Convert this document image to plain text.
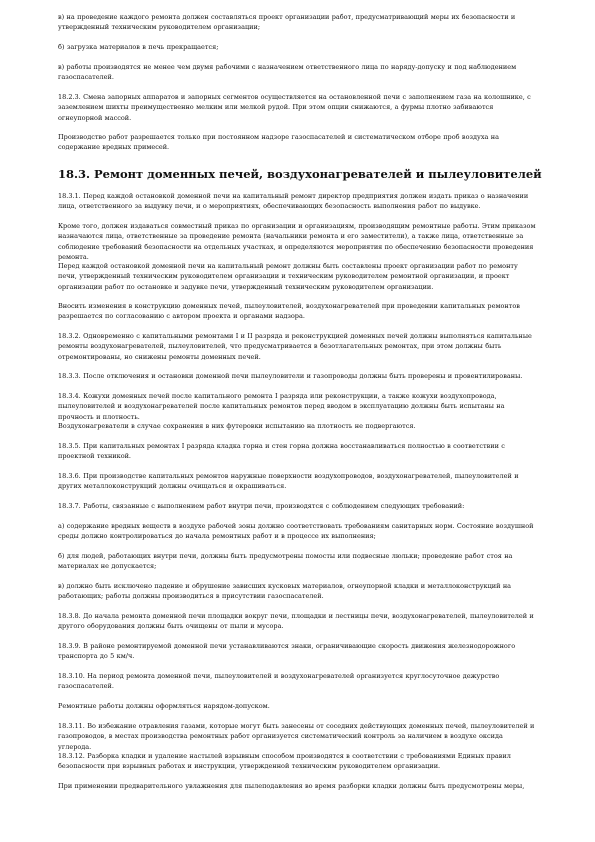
в) на проведение каждого ремонта должен составляться проект организации работ, предусматривающий меры их безопасности и утвержденный техническим руководителем организации;

б) загрузка материалов в печь прекращается;

в) работы производятся не менее чем двумя рабочими с назначением ответственного лица по наряду-допуску и под наблюдением газоспасателей.

18.2.3. Смена запорных аппаратов и запорных сегментов осуществляется на остановленной печи с заполнением газа на колошнике, с заземлением шихты преимущественно мелким или мелкой рудой. При этом опции снижаются, а фурмы плотно забиваются огнеупорной массой.

Производство работ разрешается только при постоянном надзоре газоспасателей и систематическом отборе проб воздуха на содержание вредных примесей.

18.3. Ремонт доменных печей, воздухонагревателей и пылеуловителей

18.3.1. Перед каждой остановкой доменной печи на капитальный ремонт директор предприятия должен издать приказ о назначении лица, ответственного за выдувку печи, и о мероприятиях, обеспечивающих безопасность выполнения работ по выдувке.

Кроме того, должен издаваться совместный приказ по организации и организациям, производящим ремонтные работы. Этим приказом назначаются лица, ответственные за проведение ремонта (начальники ремонта и его заместители), а также лица, ответственные за соблюдение требований безопасности на отдельных участках, и определяются мероприятия по обеспечению безопасности проведения ремонта.

Перед каждой остановкой доменной печи на капитальный ремонт должны быть составлены проект организации работ по ремонту печи, утвержденный техническим руководителем организации и техническим руководителем ремонтной организации, и проект организации работ по остановке и задувке печи, утвержденный техническим руководителем организации.

Вносить изменения в конструкцию доменных печей, пылеуловителей, воздухонагревателей при проведении капитальных ремонтов разрешается по согласованию с автором проекта и органами надзора.

18.3.2. Одновременно с капитальными ремонтами I и II разряда и реконструкцией доменных печей должны выполняться капитальные ремонты воздухонагревателей, пылеуловителей, что предусматривается в безотлагательных ремонтах, при этом должны быть отремонтированы, но снижены ремонты доменных печей.

18.3.3. После отключения и остановки доменной печи пылеуловители и газопроводы должны быть проверены и провентилированы.

18.3.4. Кожухи доменных печей после капитального ремонта I разряда или реконструкции, а также кожухи воздухопровода, пылеуловителей и воздухонагревателей после капитальных ремонтов перед вводом в эксплуатацию должны быть испытаны на прочность и плотность.

Воздухонагреватели в случае сохранения в них футеровки испытанию на плотность не подвергаются.

18.3.5. При капитальных ремонтах I разряда кладка горна и стен горна должна восстанавливаться полностью в соответствии с проектной техникой.

18.3.6. При производстве капитальных ремонтов наружные поверхности воздухопроводов, воздухонагревателей, пылеуловителей и других металлоконструкций должны очищаться и окрашиваться.

18.3.7. Работы, связанные с выполнением работ внутри печи, производятся с соблюдением следующих требований:

а) содержание вредных веществ в воздухе рабочей зоны должно соответствовать требованиям санитарных норм. Состояние воздушной среды должно контролироваться до начала ремонтных работ и в процессе их выполнения;

б) для людей, работающих внутри печи, должны быть предусмотрены помосты или подвесные люльки; проведение работ стоя на материалах не допускается;

в) должно быть исключено падение и обрушение зависших кусковых материалов, огнеупорной кладки и металлоконструкций на работающих; работы должны производиться в присутствии газоспасателей.

18.3.8. До начала ремонта доменной печи площадки вокруг печи, площадки и лестницы печи, воздухонагревателей, пылеуловителей и другого оборудования должны быть очищены от пыли и мусора.

18.3.9. В районе ремонтируемой доменной печи устанавливаются знаки, ограничивающие скорость движения железнодорожного транспорта до 5 км/ч.

18.3.10. На период ремонта доменной печи, пылеуловителей и воздухонагревателей организуется круглосуточное дежурство газоспасателей.

Ремонтные работы должны оформляться нарядом-допуском.

18.3.11. Во избежание отравления газами, которые могут быть занесены от соседних действующих доменных печей, пылеуловителей и газопроводов, в местах производства ремонтных работ организуется систематический контроль за наличием в воздухе оксида углерода.

18.3.12. Разборка кладки и удаление настылей взрывным способом производятся в соответствии с требованиями Единых правил безопасности при взрывных работах и инструкции, утвержденной техническим руководителем организации.

При применении предварительного увлажнения для пылеподавления во время разборки кладки должны быть предусмотрены меры,
